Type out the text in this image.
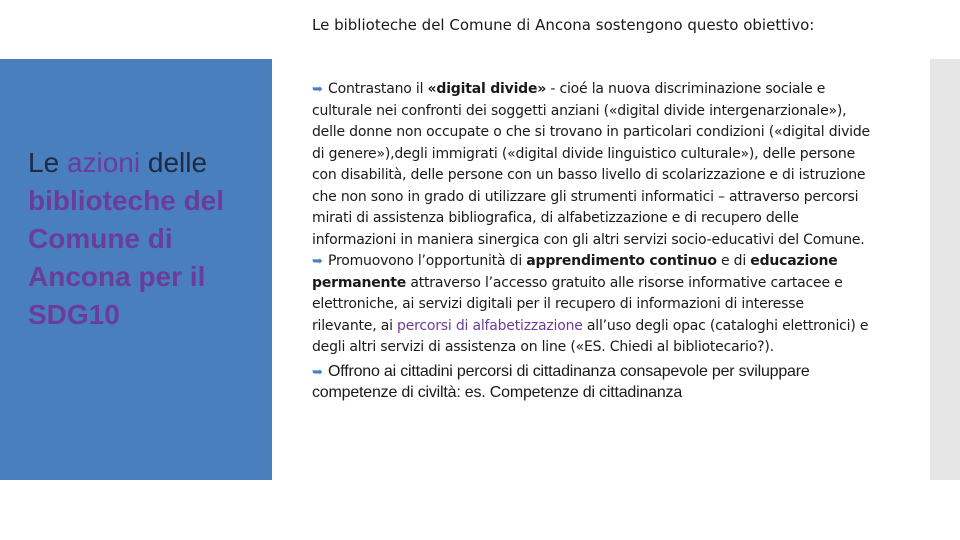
Le biblioteche del Comune di Ancona sostengono questo obiettivo:
Le azioni delle biblioteche del Comune di Ancona per il SDG10

➥ Contrastano il «digital divide» - cioé la nuova discriminazione sociale e culturale nei confronti dei soggetti anziani («digital divide intergenarzionale»), delle donne non occupate o che si trovano in particolari condizioni («digital divide di genere»),degli immigrati («digital divide linguistico culturale»), delle persone con disabilità, delle persone con un basso livello di scolarizzazione e di istruzione che non sono in grado di utilizzare gli strumenti informatici – attraverso percorsi mirati di assistenza bibliografica, di alfabetizzazione e di recupero delle informazioni in maniera sinergica con gli altri servizi socio-educativi del Comune.

➥ Promuovono l’opportunità di apprendimento continuo e di educazione permanente attraverso l’accesso gratuito alle risorse informative cartacee e elettroniche, ai servizi digitali per il recupero di informazioni di interesse rilevante, ai percorsi di alfabetizzazione all’uso degli opac (cataloghi elettronici) e degli altri servizi di assistenza on line («ES. Chiedi al bibliotecario?).

➥ Offrono ai cittadini percorsi di cittadinanza consapevole per sviluppare competenze di civiltà: es. Competenze di cittadinanza
